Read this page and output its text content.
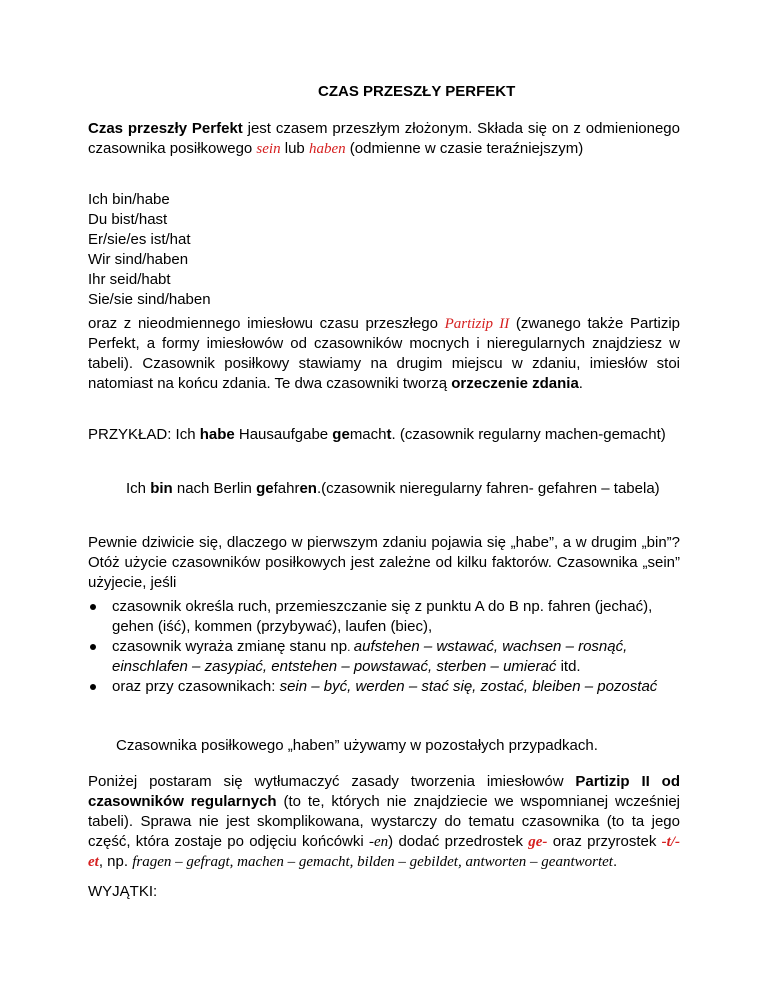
CZAS PRZESZŁY PERFEKT
Czas przeszły Perfekt jest czasem przeszłym złożonym. Składa się on z odmienionego czasownika posiłkowego sein lub haben (odmienne w czasie teraźniejszym)
Ich bin/habe
Du bist/hast
Er/sie/es ist/hat
Wir sind/haben
Ihr seid/habt
Sie/sie sind/haben
oraz z nieodmiennego imiesłowu czasu przeszłego Partizip II (zwanego także Partizip Perfekt, a formy imiesłowów od czasowników mocnych i nieregularnych znajdziesz w tabeli). Czasownik posiłkowy stawiamy na drugim miejscu w zdaniu, imiesłów stoi natomiast na końcu zdania. Te dwa czasowniki tworzą orzeczenie zdania.
PRZYKŁAD: Ich habe Hausaufgabe gemacht. (czasownik regularny machen-gemacht)
Ich bin nach Berlin gefahren.(czasownik nieregularny fahren- gefahren – tabela)
Pewnie dziwicie się, dlaczego w pierwszym zdaniu pojawia się „habe”, a w drugim „bin”? Otóż użycie czasowników posiłkowych jest zależne od kilku faktorów. Czasownika „sein” użyjecie, jeśli
czasownik określa ruch, przemieszczanie się z punktu A do B np. fahren (jechać), gehen (iść), kommen (przybywać), laufen (biec),
czasownik wyraża zmianę stanu np. aufstehen – wstawać, wachsen – rosnąć, einschlafen – zasypiać, entstehen – powstawać, sterben – umierać itd.
oraz przy czasownikach: sein – być, werden – stać się, zostać, bleiben – pozostać
Czasownika posiłkowego „haben” używamy w pozostałych przypadkach.
Poniżej postaram się wytłumaczyć zasady tworzenia imiesłowów Partizip II od czasowników regularnych (to te, których nie znajdziecie we wspomnianej wcześniej tabeli). Sprawa nie jest skomplikowana, wystarczy do tematu czasownika (to ta jego część, która zostaje po odjęciu końcówki -en) dodać przedrostek ge- oraz przyrostek -t/-et, np. fragen – gefragt, machen – gemacht, bilden – gebildet, antworten – geantwortet.
WYJĄTKI:
